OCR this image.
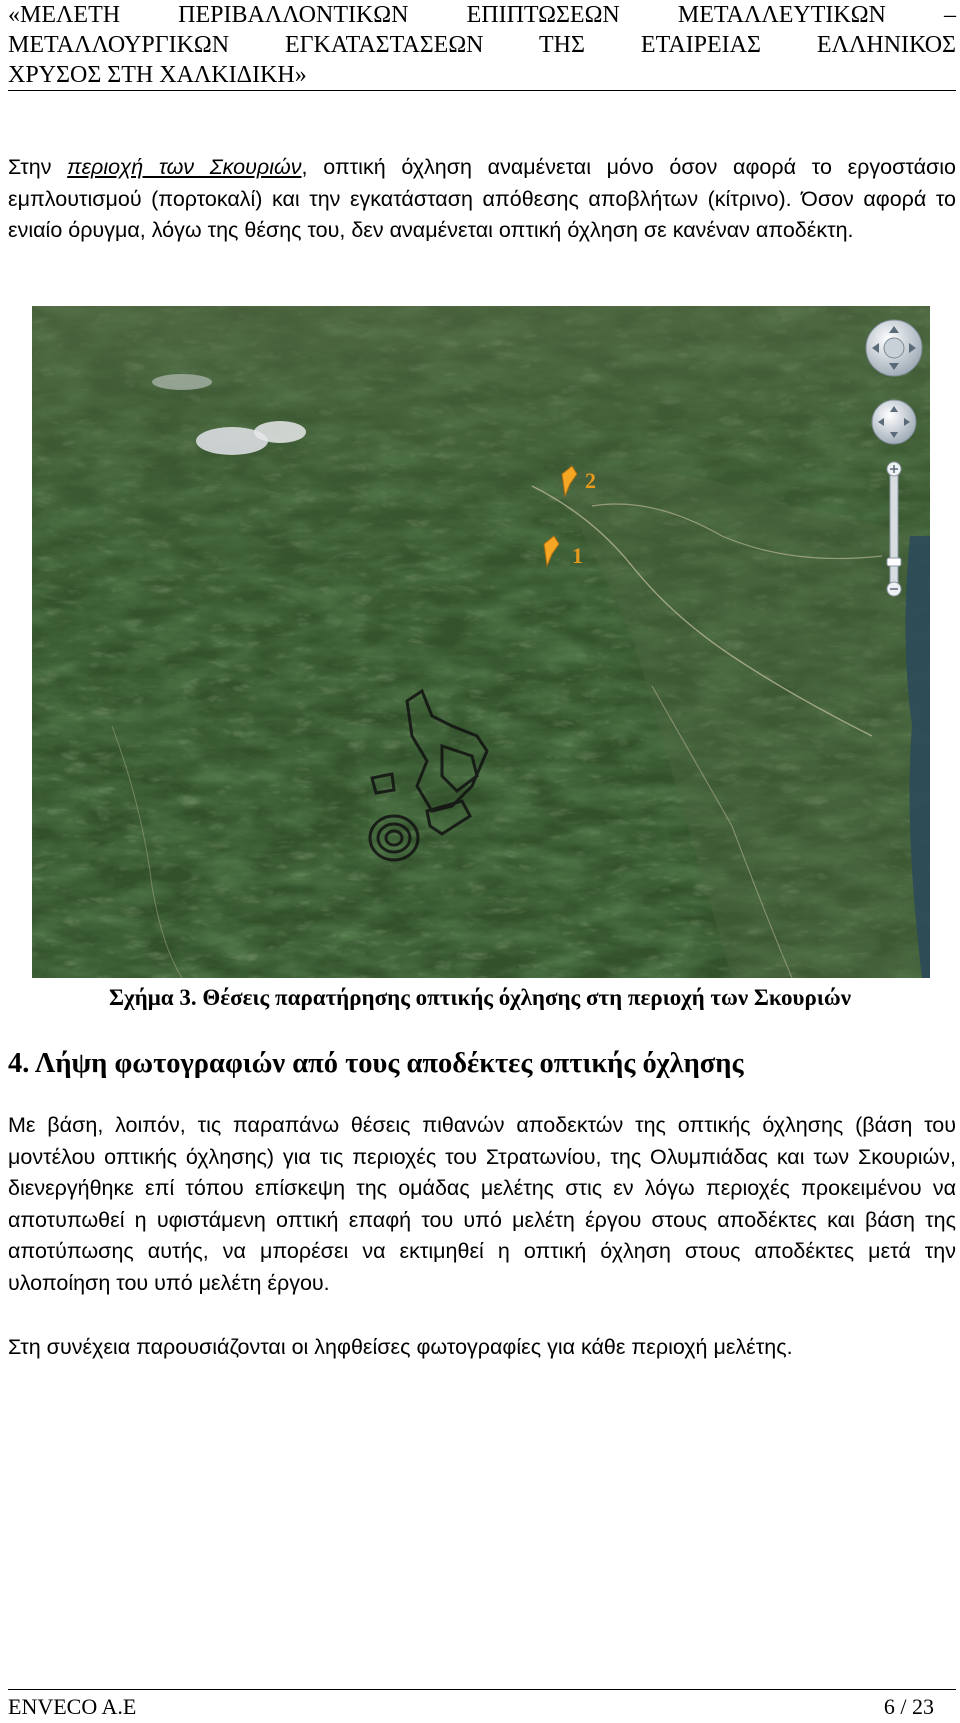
«ΜΕΛΕΤΗ ΠΕΡΙΒΑΛΛΟΝΤΙΚΩΝ ΕΠΙΠΤΩΣΕΩΝ ΜΕΤΑΛΛΕΥΤΙΚΩΝ –
ΜΕΤΑΛΛΟΥΡΓΙΚΩΝ ΕΓΚΑΤΑΣΤΑΣΕΩΝ ΤΗΣ ΕΤΑΙΡΕΙΑΣ ΕΛΛΗΝΙΚΟΣ
ΧΡΥΣΟΣ ΣΤΗ ΧΑΛΚΙΔΙΚΗ»
Στην περιοχή των Σκουριών, οπτική όχληση αναμένεται μόνο όσον αφορά το εργοστάσιο εμπλουτισμού (πορτοκαλί) και την εγκατάσταση απόθεσης αποβλήτων (κίτρινο). Όσον αφορά το ενιαίο όρυγμα, λόγω της θέσης του, δεν αναμένεται οπτική όχληση σε κανέναν αποδέκτη.
2
1
Σχήμα 3. Θέσεις παρατήρησης οπτικής όχλησης στη περιοχή των Σκουριών
4. Λήψη φωτογραφιών από τους αποδέκτες οπτικής όχλησης
Με βάση, λοιπόν, τις παραπάνω θέσεις πιθανών αποδεκτών της οπτικής όχλησης (βάση του μοντέλου οπτικής όχλησης) για τις περιοχές του Στρατωνίου, της Ολυμπιάδας και των Σκουριών, διενεργήθηκε επί τόπου επίσκεψη της ομάδας μελέτης στις εν λόγω περιοχές προκειμένου να αποτυπωθεί η υφιστάμενη οπτική επαφή του υπό μελέτη έργου στους αποδέκτες και βάση της αποτύπωσης αυτής, να μπορέσει να εκτιμηθεί η οπτική όχληση στους αποδέκτες μετά την υλοποίηση του υπό μελέτη έργου.
Στη συνέχεια παρουσιάζονται οι ληφθείσες φωτογραφίες για κάθε περιοχή μελέτης.
ENVECO A.E	6 / 23
